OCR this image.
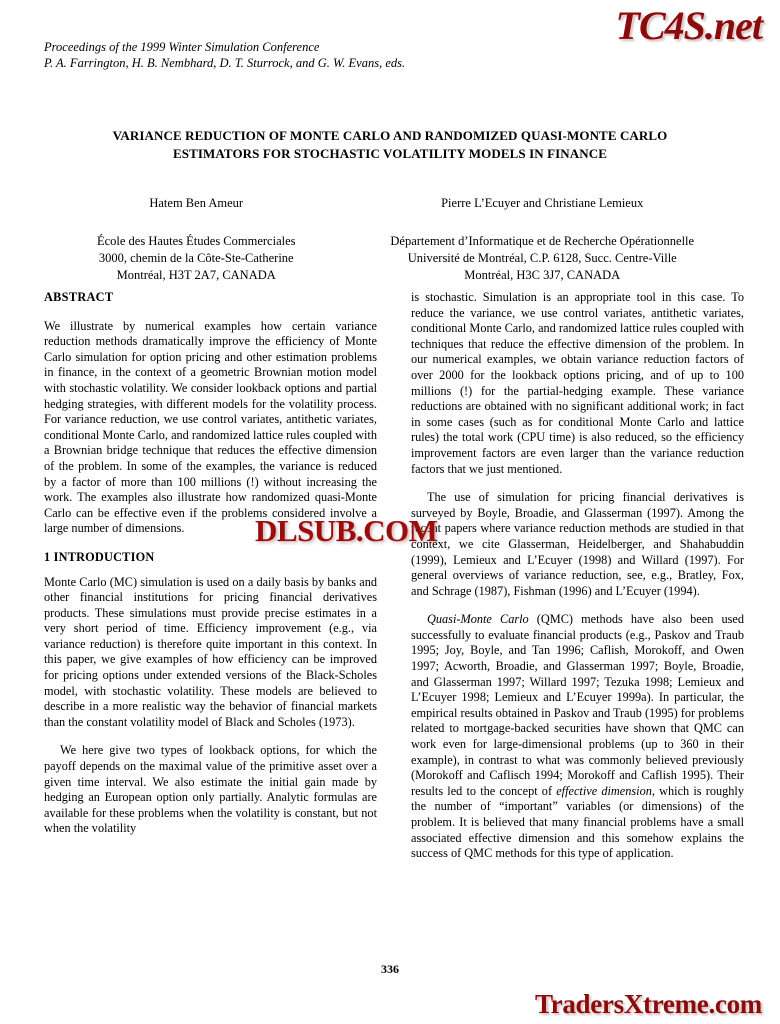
Proceedings of the 1999 Winter Simulation Conference
P. A. Farrington, H. B. Nembhard, D. T. Sturrock, and G. W. Evans, eds.
VARIANCE REDUCTION OF MONTE CARLO AND RANDOMIZED QUASI-MONTE CARLO
ESTIMATORS FOR STOCHASTIC VOLATILITY MODELS IN FINANCE
Hatem Ben Ameur
École des Hautes Études Commerciales
3000, chemin de la Côte-Ste-Catherine
Montréal, H3T 2A7, CANADA
Pierre L’Ecuyer and Christiane Lemieux
Département d’Informatique et de Recherche Opérationnelle
Université de Montréal, C.P. 6128, Succ. Centre-Ville
Montréal, H3C 3J7, CANADA
ABSTRACT

We illustrate by numerical examples how certain variance reduction methods dramatically improve the efficiency of Monte Carlo simulation for option pricing and other estimation problems in finance, in the context of a geometric Brownian motion model with stochastic volatility. We consider lookback options and partial hedging strategies, with different models for the volatility process. For variance reduction, we use control variates, antithetic variates, conditional Monte Carlo, and randomized lattice rules coupled with a Brownian bridge technique that reduces the effective dimension of the problem. In some of the examples, the variance is reduced by a factor of more than 100 millions (!) without increasing the work. The examples also illustrate how randomized quasi-Monte Carlo can be effective even if the problems considered involve a large number of dimensions.

1 INTRODUCTION

Monte Carlo (MC) simulation is used on a daily basis by banks and other financial institutions for pricing financial derivatives products. These simulations must provide precise estimates in a very short period of time. Efficiency improvement (e.g., via variance reduction) is therefore quite important in this context. In this paper, we give examples of how efficiency can be improved for pricing options under extended versions of the Black-Scholes model, with stochastic volatility. These models are believed to describe in a more realistic way the behavior of financial markets than the constant volatility model of Black and Scholes (1973).

We here give two types of lookback options, for which the payoff depends on the maximal value of the primitive asset over a given time interval. We also estimate the initial gain made by hedging an European option only partially. Analytic formulas are available for these problems when the volatility is constant, but not when the volatility

is stochastic. Simulation is an appropriate tool in this case. To reduce the variance, we use control variates, antithetic variates, conditional Monte Carlo, and randomized lattice rules coupled with techniques that reduce the effective dimension of the problem. In our numerical examples, we obtain variance reduction factors of over 2000 for the lookback options pricing, and of up to 100 millions (!) for the partial-hedging example. These variance reductions are obtained with no significant additional work; in fact in some cases (such as for conditional Monte Carlo and lattice rules) the total work (CPU time) is also reduced, so the efficiency improvement factors are even larger than the variance reduction factors that we just mentioned.

The use of simulation for pricing financial derivatives is surveyed by Boyle, Broadie, and Glasserman (1997). Among the recent papers where variance reduction methods are studied in that context, we cite Glasserman, Heidelberger, and Shahabuddin (1999), Lemieux and L’Ecuyer (1998) and Willard (1997). For general overviews of variance reduction, see, e.g., Bratley, Fox, and Schrage (1987), Fishman (1996) and L’Ecuyer (1994).

Quasi-Monte Carlo (QMC) methods have also been used successfully to evaluate financial products (e.g., Paskov and Traub 1995; Joy, Boyle, and Tan 1996; Caflish, Morokoff, and Owen 1997; Acworth, Broadie, and Glasserman 1997; Boyle, Broadie, and Glasserman 1997; Willard 1997; Tezuka 1998; Lemieux and L’Ecuyer 1998; Lemieux and L’Ecuyer 1999a). In particular, the empirical results obtained in Paskov and Traub (1995) for problems related to mortgage-backed securities have shown that QMC can work even for large-dimensional problems (up to 360 in their example), in contrast to what was commonly believed previously (Morokoff and Caflisch 1994; Morokoff and Caflish 1995). Their results led to the concept of effective dimension, which is roughly the number of “important” variables (or dimensions) of the problem. It is believed that many financial problems have a small associated effective dimension and this somehow explains the success of QMC methods for this type of application.

336
TC4S.net
DLSUB.COM
TradersXtreme.com
